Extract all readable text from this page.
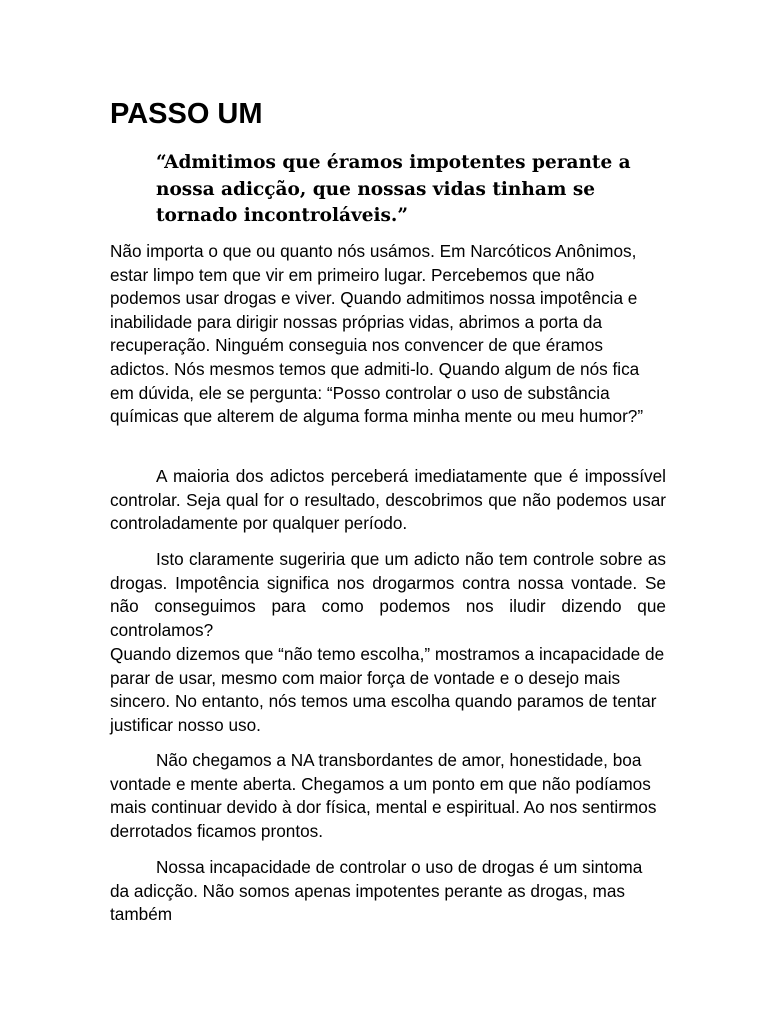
PASSO UM

“Admitimos que éramos impotentes perante a nossa adicção, que nossas vidas tinham se tornado incontroláveis.”

Não importa o que ou quanto nós usámos. Em Narcóticos Anônimos, estar limpo tem que vir em primeiro lugar. Percebemos que não podemos usar drogas e viver. Quando admitimos nossa impotência e inabilidade para dirigir nossas próprias vidas, abrimos a porta da recuperação. Ninguém conseguia nos convencer de que éramos adictos. Nós mesmos temos que admiti-lo. Quando algum de nós fica em dúvida, ele se pergunta: “Posso controlar o uso de substância químicas que alterem de alguma forma minha mente ou meu humor?”

A maioria dos adictos perceberá imediatamente que é impossível controlar. Seja qual for o resultado, descobrimos que não podemos usar controladamente por qualquer período.

Isto claramente sugeriria que um adicto não tem controle sobre as drogas. Impotência significa nos drogarmos contra nossa vontade. Se não conseguimos para como podemos nos iludir dizendo que controlamos?

Quando dizemos que “não temo escolha,” mostramos a incapacidade de parar de usar, mesmo com maior força de vontade e o desejo mais sincero. No entanto, nós temos uma escolha quando paramos de tentar justificar nosso uso.

Não chegamos a NA transbordantes de amor, honestidade, boa vontade e mente aberta. Chegamos a um ponto em que não podíamos mais continuar devido à dor física, mental e espiritual. Ao nos sentirmos derrotados ficamos prontos.

Nossa incapacidade de controlar o uso de drogas é um sintoma da adicção. Não somos apenas impotentes perante as drogas, mas também
